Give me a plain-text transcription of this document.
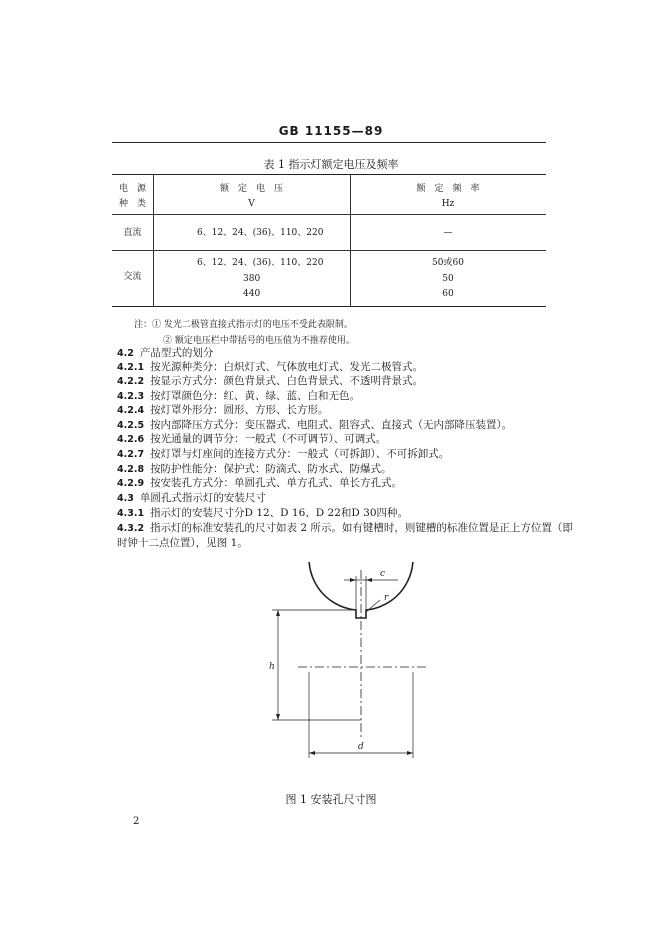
GB 11155—89
表 1 指示灯额定电压及频率
电　源
种　类
额　定　电　压
V
额　定　频　率
Hz
直流	6、12、24、(36)、110、220	—
交流
6、12、24、(36)、110、220
380
440
50或60
50
60
注：① 发光二极管直接式指示灯的电压不受此表限制。
② 额定电压栏中带括号的电压值为不推荐使用。
4.2 产品型式的划分
4.2.1 按光源种类分：白炽灯式、气体放电灯式、发光二极管式。
4.2.2 按显示方式分：颜色背景式、白色背景式、不透明背景式。
4.2.3 按灯罩颜色分：红、黄、绿、蓝、白和无色。
4.2.4 按灯罩外形分：圆形、方形、长方形。
4.2.5 按内部降压方式分：变压器式、电阻式、阻容式、直接式（无内部降压装置）。
4.2.6 按光通量的调节分：一般式（不可调节）、可调式。
4.2.7 按灯罩与灯座间的连接方式分：一般式（可拆卸）、不可拆卸式。
4.2.8 按防护性能分：保护式：防滴式、防水式、防爆式。
4.2.9 按安装孔方式分：单圆孔式、单方孔式、单长方孔式。
4.3 单圆孔式指示灯的安装尺寸
4.3.1 指示灯的安装尺寸分D 12、D 16、D 22和D 30四种。
4.3.2 指示灯的标准安装孔的尺寸如表 2 所示。如有键槽时，则键槽的标准位置是正上方位置（即
时钟十二点位置），见图 1。
c
r
h
d
图 1 安装孔尺寸图
2
